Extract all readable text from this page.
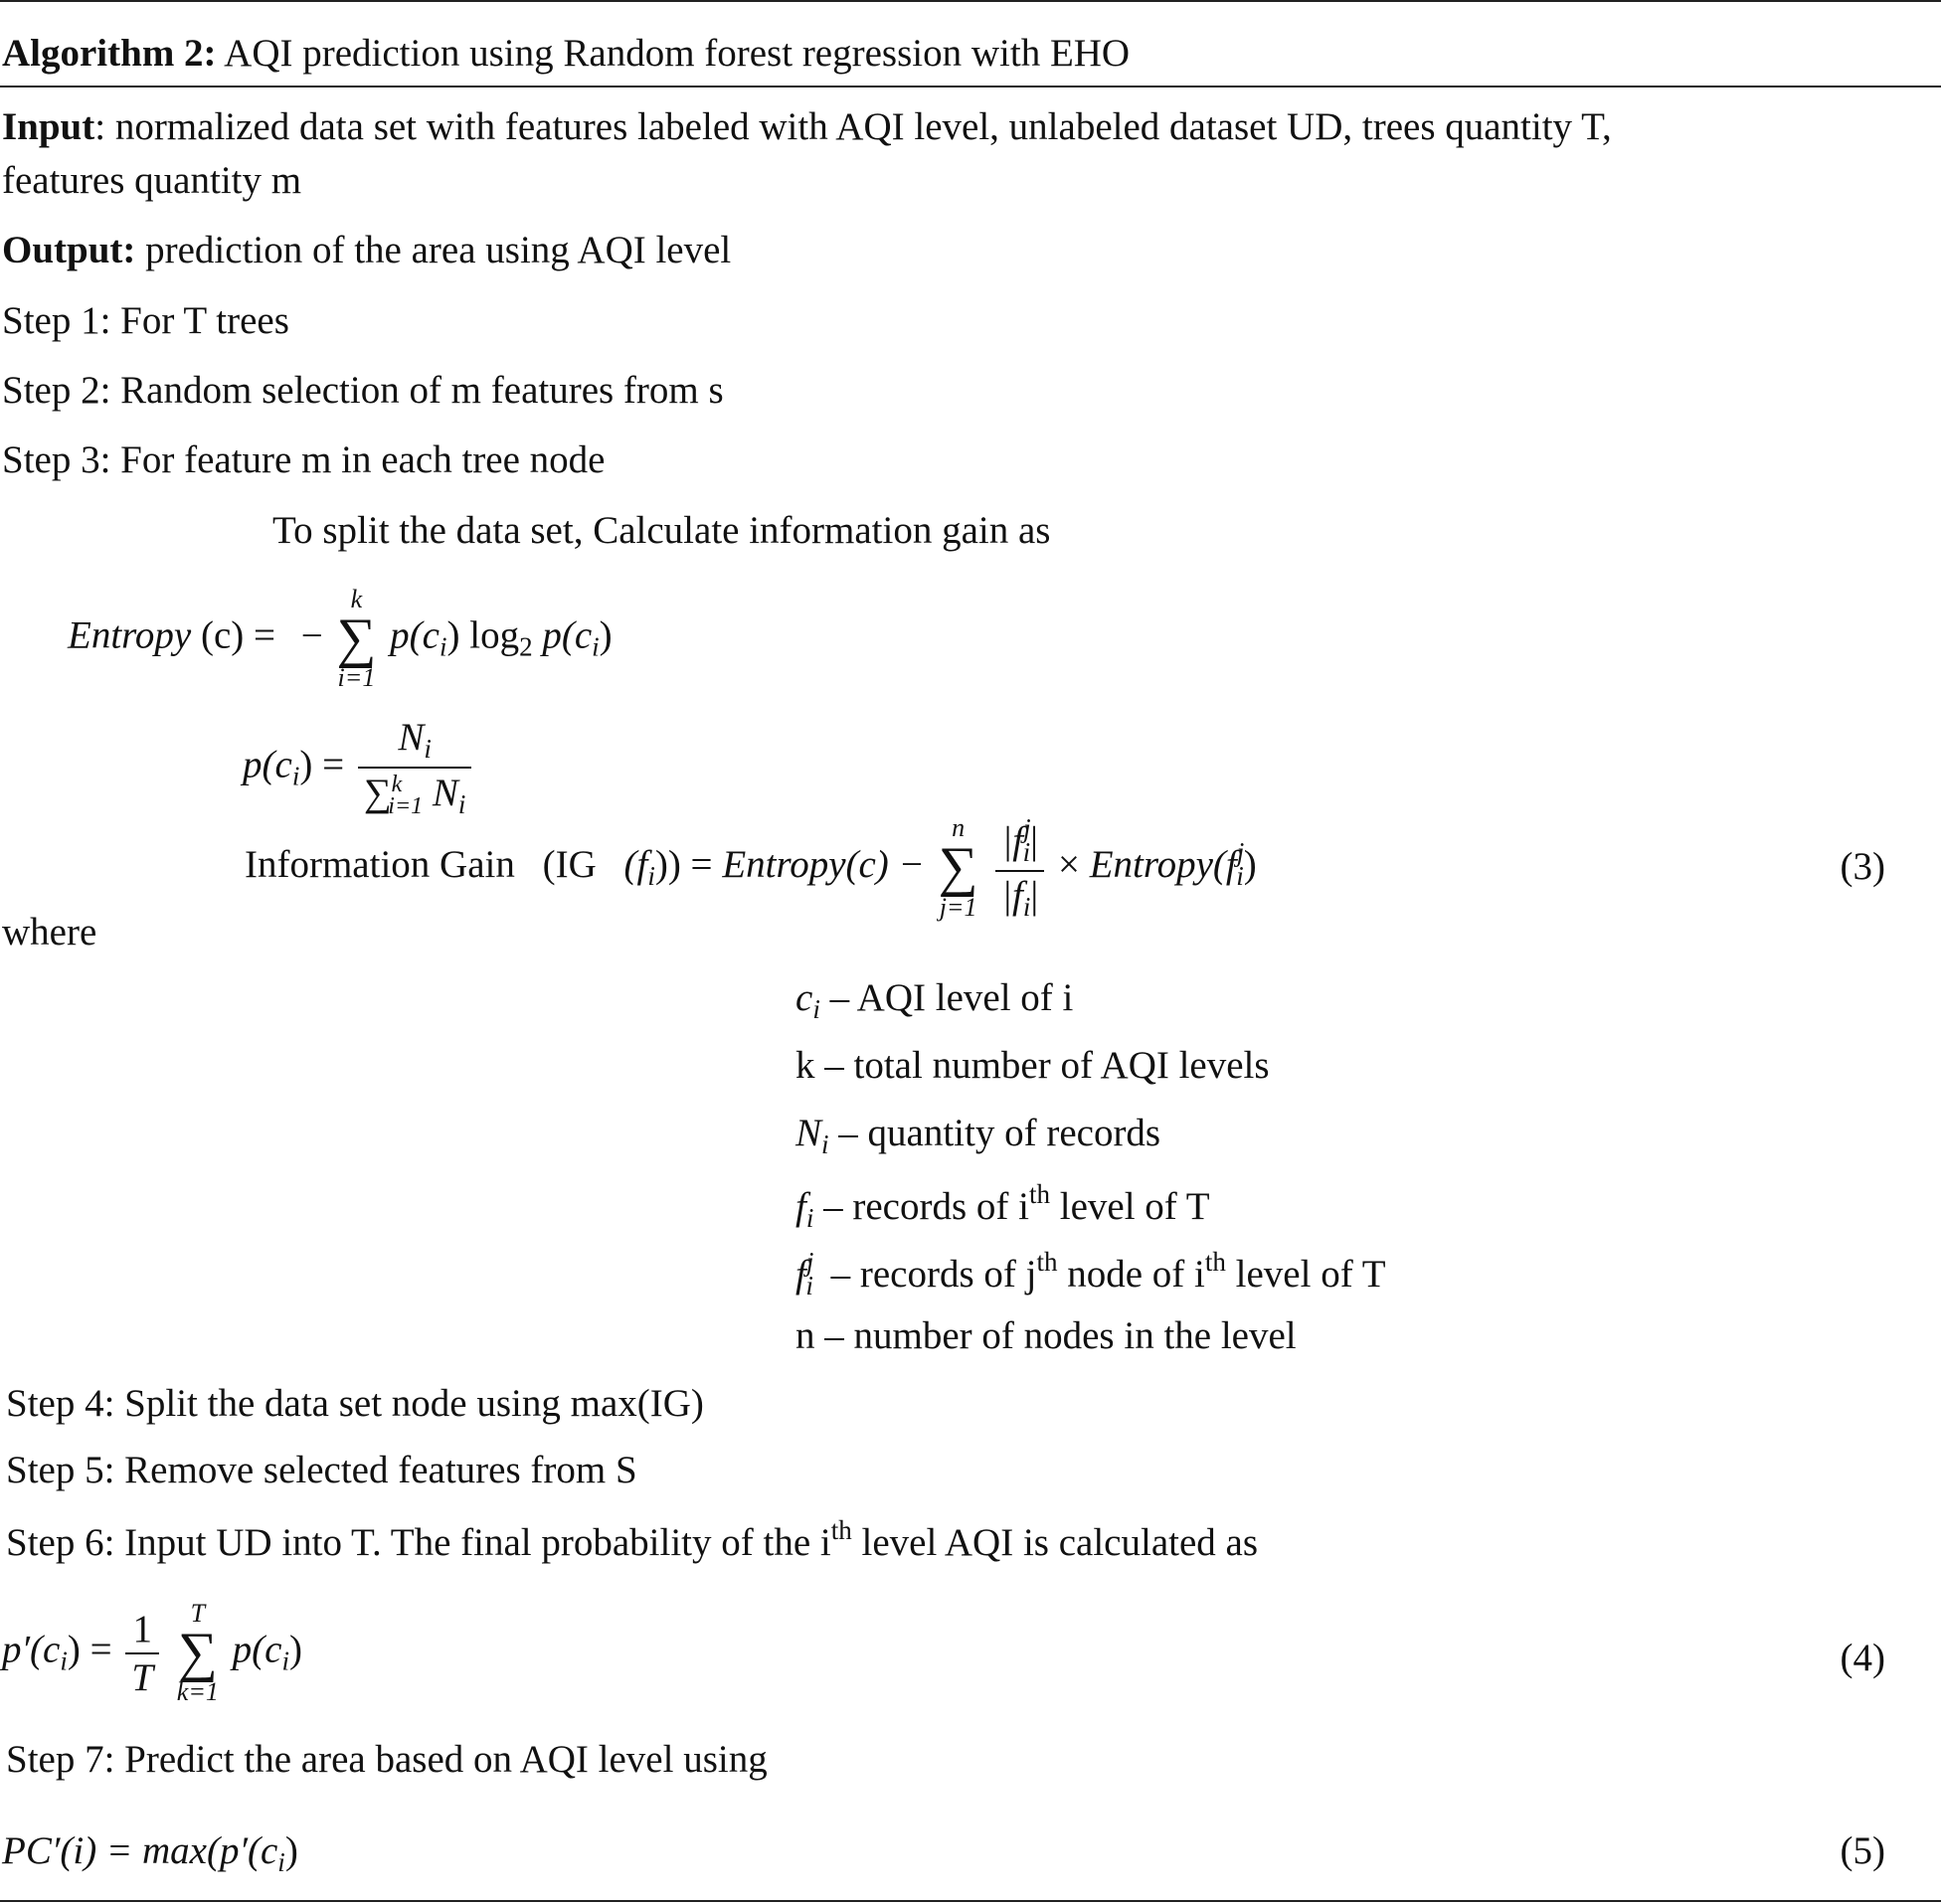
Algorithm 2: AQI prediction using Random forest regression with EHO
Input: normalized data set with features labeled with AQI level, unlabeled dataset UD, trees quantity T,
features quantity m
Output: prediction of the area using AQI level
Step 1: For T trees
Step 2: Random selection of m features from s
Step 3: For feature m in each tree node
To split the data set, Calculate information gain as
Entropy (c) = −
k
∑
i=1
$p(c_i)$ $\log_2 p(c_i)$
$p(c_i) = \frac{N_i}{\sum^k_{i=1} N_i}$
Information Gain (IG $(f_i)$) = Entropy(c) −
n
∑
j=1
$\frac{|f^j_i|}{|f_i|}$ × $Entropy(f^j_i)$	(3)
where
$c_i$ – AQI level of i
k – total number of AQI levels
$N_i$ – quantity of records
$f_i$ – records of $i^{th}$ level of T
$f^j_i$ – records of $j^{th}$ node of $i^{th}$ level of T
n – number of nodes in the level
Step 4: Split the data set node using max(IG)
Step 5: Remove selected features from S
Step 6: Input UD into T. The final probability of the $i^{th}$ level AQI is calculated as
$p'(c_i) = \frac{1}{T}$
	T
∑
k=1
$p(c_i)$	(4)
Step 7: Predict the area based on AQI level using
$PC'(i) = \max(p'(c_i)$	(5)
